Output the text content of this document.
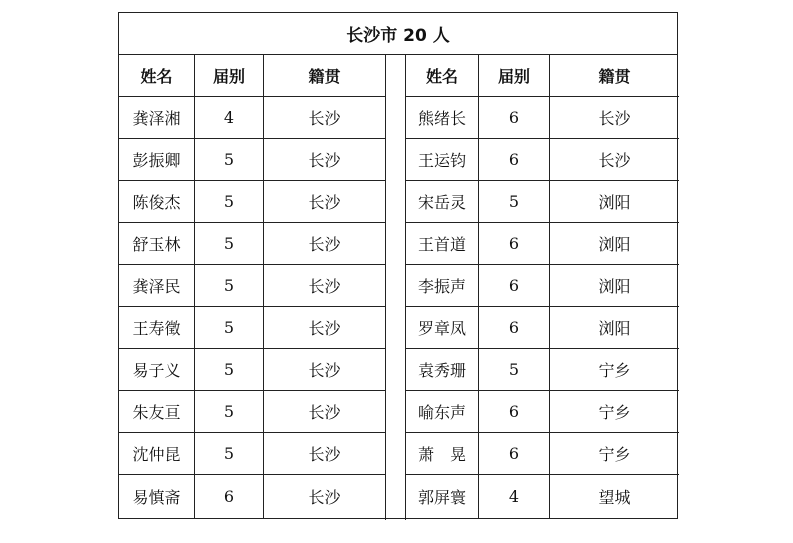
长沙市 20 人
姓名	届别	籍贯
龚泽湘	4	长沙
彭振卿	5	长沙
陈俊杰	5	长沙
舒玉林	5	长沙
龚泽民	5	长沙
王寿徵	5	长沙
易子义	5	长沙
朱友亘	5	长沙
沈仲昆	5	长沙
易慎斋	6	长沙
姓名	届别	籍贯
熊绪长	6	长沙
王运钧	6	长沙
宋岳灵	5	浏阳
王首道	6	浏阳
李振声	6	浏阳
罗章凤	6	浏阳
袁秀珊	5	宁乡
喻东声	6	宁乡
萧　晃	6	宁乡
郭屏寰	4	望城
